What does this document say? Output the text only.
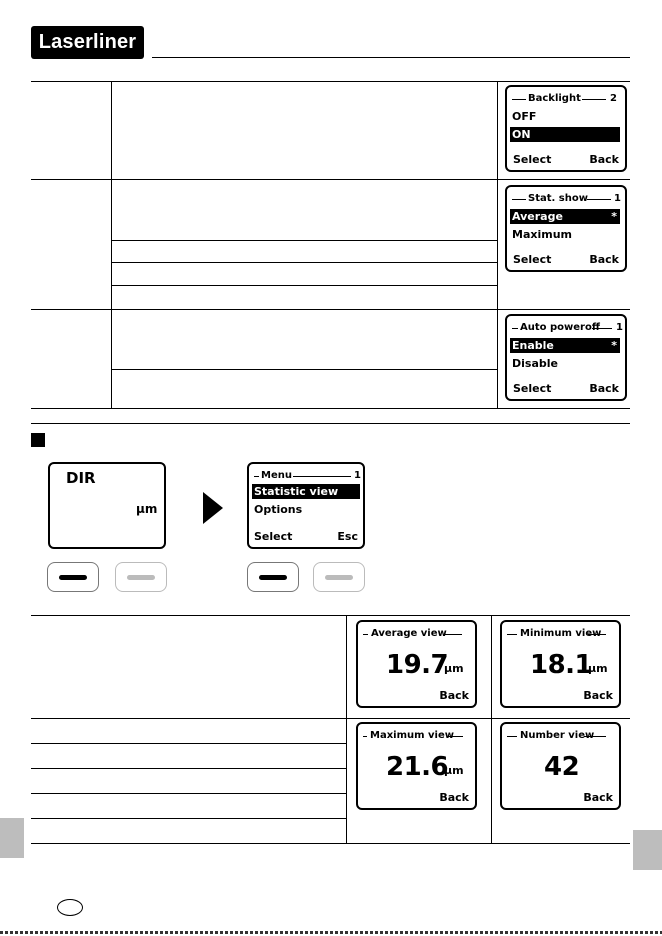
Laserliner
Backlight	2
OFF
ON
Select	Back
Stat. show	1
Average	*
Maximum
Select	Back
Auto poweroff 1
Enable	*
Disable
Select	Back
DIR
µm
Menu	1
Statistic view
Options
Select	Esc
Average view
19.7
µm
Back
Minimum view
18.1
µm
Back
Maximum view
21.6
µm
Back
Number view
42
Back
